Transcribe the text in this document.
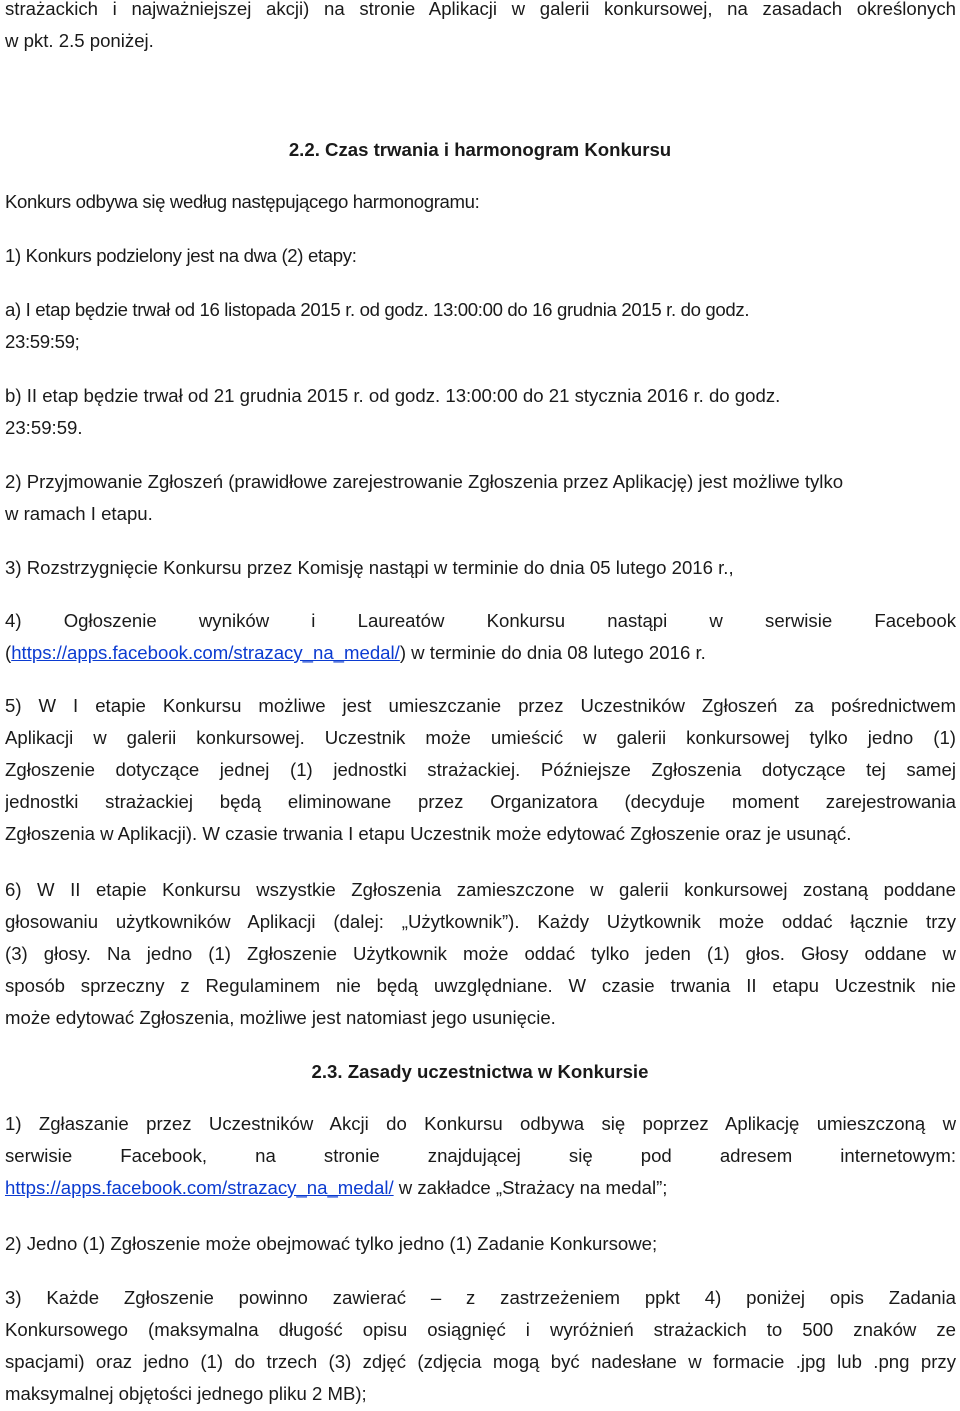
strażackich i najważniejszej akcji) na stronie Aplikacji w galerii konkursowej, na zasadach określonych
w pkt. 2.5 poniżej.
2.2. Czas trwania i harmonogram Konkursu
Konkurs odbywa się według następującego harmonogramu:
1) Konkurs podzielony jest na dwa (2) etapy:
a) I etap będzie trwał od 16 listopada 2015 r. od godz. 13:00:00 do 16 grudnia 2015 r. do godz.
23:59:59;
b) II etap będzie trwał od 21 grudnia 2015 r. od godz. 13:00:00 do 21 stycznia 2016 r. do godz.
23:59:59.
2) Przyjmowanie Zgłoszeń (prawidłowe zarejestrowanie Zgłoszenia przez Aplikację) jest możliwe tylko
w ramach I etapu.
3) Rozstrzygnięcie Konkursu przez Komisję nastąpi w terminie do dnia 05 lutego 2016 r.,
4) Ogłoszenie wyników i Laureatów Konkursu nastąpi w serwisie Facebook
(https://apps.facebook.com/strazacy_na_medal/) w terminie do dnia 08 lutego 2016 r.
5) W I etapie Konkursu możliwe jest umieszczanie przez Uczestników Zgłoszeń za pośrednictwem
Aplikacji w galerii konkursowej. Uczestnik może umieścić w galerii konkursowej tylko jedno (1)
Zgłoszenie dotyczące jednej (1) jednostki strażackiej. Późniejsze Zgłoszenia dotyczące tej samej
jednostki strażackiej będą eliminowane przez Organizatora (decyduje moment zarejestrowania
Zgłoszenia w Aplikacji). W czasie trwania I etapu Uczestnik może edytować Zgłoszenie oraz je usunąć.
6) W II etapie Konkursu wszystkie Zgłoszenia zamieszczone w galerii konkursowej zostaną poddane
głosowaniu użytkowników Aplikacji (dalej: „Użytkownik”). Każdy Użytkownik może oddać łącznie trzy
(3) głosy. Na jedno (1) Zgłoszenie Użytkownik może oddać tylko jeden (1) głos. Głosy oddane w
sposób sprzeczny z Regulaminem nie będą uwzględniane. W czasie trwania II etapu Uczestnik nie
może edytować Zgłoszenia, możliwe jest natomiast jego usunięcie.
2.3. Zasady uczestnictwa w Konkursie
1) Zgłaszanie przez Uczestników Akcji do Konkursu odbywa się poprzez Aplikację umieszczoną w
serwisie Facebook, na stronie znajdującej się pod adresem internetowym:
https://apps.facebook.com/strazacy_na_medal/ w zakładce „Strażacy na medal”;
2) Jedno (1) Zgłoszenie może obejmować tylko jedno (1) Zadanie Konkursowe;
3) Każde Zgłoszenie powinno zawierać – z zastrzeżeniem ppkt 4) poniżej opis Zadania
Konkursowego (maksymalna długość opisu osiągnięć i wyróżnień strażackich to 500 znaków ze
spacjami) oraz jedno (1) do trzech (3) zdjęć (zdjęcia mogą być nadesłane w formacie .jpg lub .png przy
maksymalnej objętości jednego pliku 2 MB);
